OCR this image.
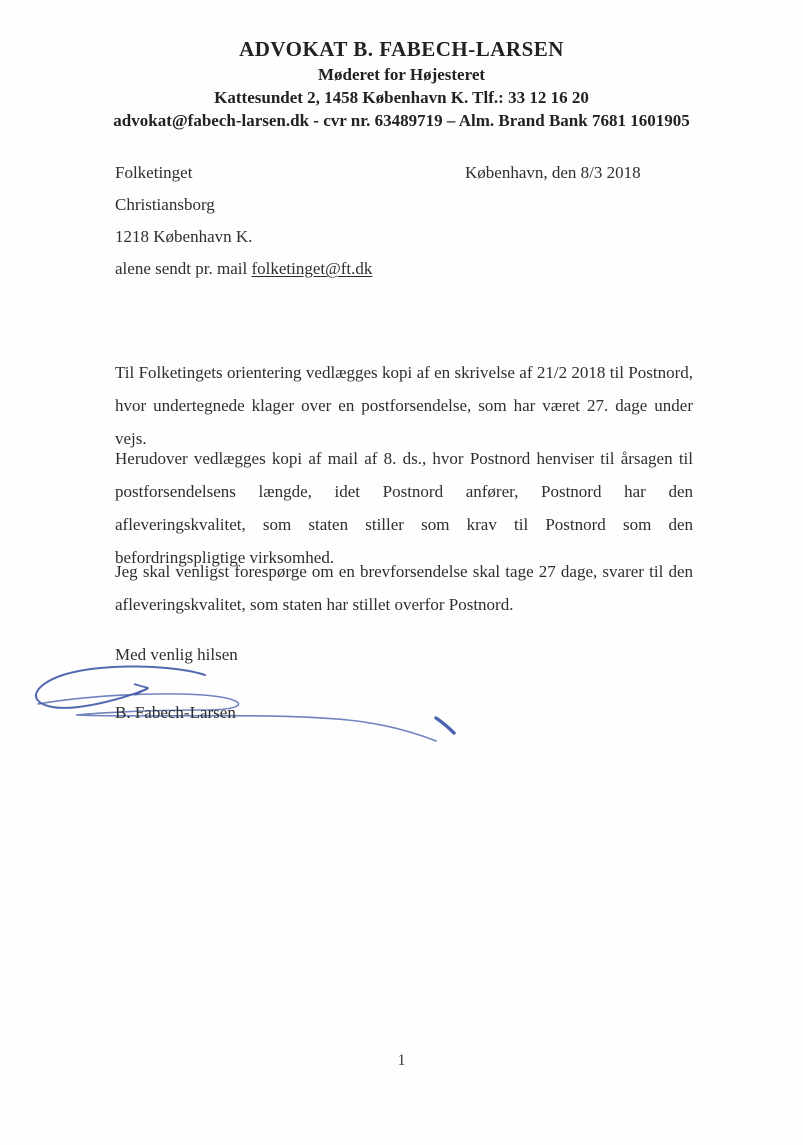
ADVOKAT B. FABECH-LARSEN
Møderet for Højesteret
Kattesundet 2, 1458 København K. Tlf.: 33 12 16 20
advokat@fabech-larsen.dk - cvr nr. 63489719 – Alm. Brand Bank 7681 1601905
Folketinget
Christiansborg
1218 København K.
alene sendt pr. mail folketinget@ft.dk
København, den 8/3 2018

Til Folketingets orientering vedlægges kopi af en skrivelse af 21/2 2018 til Postnord, hvor undertegnede klager over en postforsendelse, som har været 27. dage under vejs.

Herudover vedlægges kopi af mail af 8. ds., hvor Postnord henviser til årsagen til postforsendelsens længde, idet Postnord anfører, Postnord har den afleveringskvalitet, som staten stiller som krav til Postnord som den befordringspligtige virksomhed.

Jeg skal venligst forespørge om en brevforsendelse skal tage 27 dage, svarer til den afleveringskvalitet, som staten har stillet overfor Postnord.

Med venlig hilsen
B. Fabech-Larsen
1
